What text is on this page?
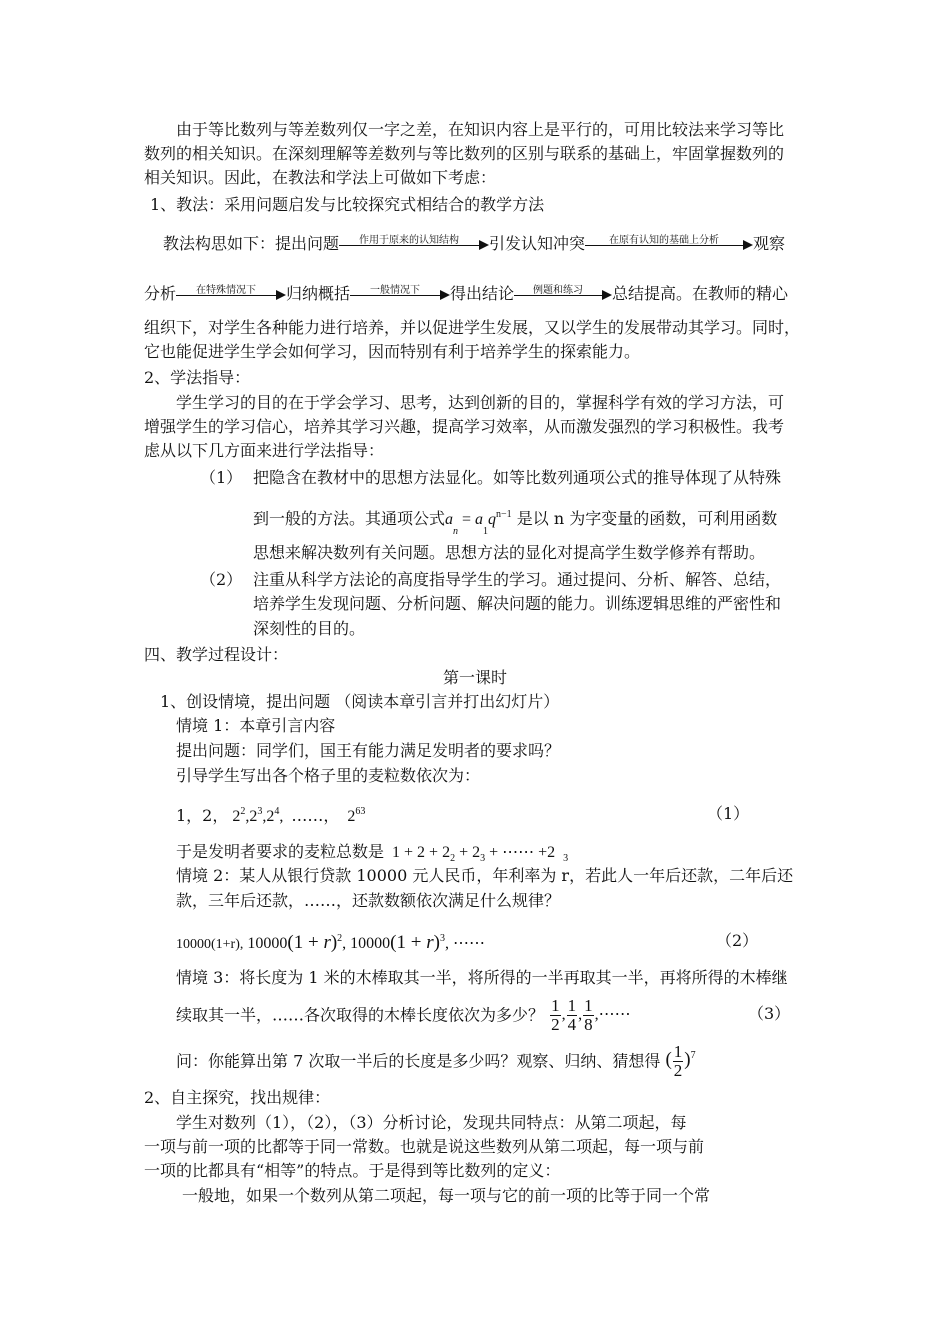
由于等比数列与等差数列仅一字之差，在知识内容上是平行的，可用比较法来学习等比
数列的相关知识。在深刻理解等差数列与等比数列的区别与联系的基础上，牢固掌握数列的
相关知识。因此，在教法和学法上可做如下考虑：
1、教法：采用问题启发与比较探究式相结合的教学方法
教法构思如下：提出问题	作用于原来的认知结构	引发认知冲突	在原有认知的基础上分析	观察
分析	在特殊情况下	归纳概括	一般情况下	得出结论	例题和练习	总结提高。在教师的精心
组织下，对学生各种能力进行培养，并以促进学生发展，又以学生的发展带动其学习。同时，
它也能促进学生学会如何学习，因而特别有利于培养学生的探索能力。
2、学法指导：
学生学习的目的在于学会学习、思考，达到创新的目的，掌握科学有效的学习方法，可
增强学生的学习信心，培养其学习兴趣，提高学习效率，从而激发强烈的学习积极性。我考
虑从以下几方面来进行学法指导：
（1） 把隐含在教材中的思想方法显化。如等比数列通项公式的推导体现了从特殊
到一般的方法。其通项公式$a_n = a_1q^{n-1}$ 是以 n 为字变量的函数，可利用函数
思想来解决数列有关问题。思想方法的显化对提高学生数学修养有帮助。
（2） 注重从科学方法论的高度指导学生的学习。通过提问、分析、解答、总结，
培养学生发现问题、分析问题、解决问题的能力。训练逻辑思维的严密性和
深刻性的目的。
四、教学过程设计：
第一课时
1、创设情境，提出问题 （阅读本章引言并打出幻灯片）
情境 1：本章引言内容
提出问题：同学们，国王有能力满足发明者的要求吗？
引导学生写出各个格子里的麦粒数依次为：
1，2， $2^2,2^3,2^4$,  ……，  $2^{63}$	（1）
于是发明者要求的麦粒总数是  $1 + 2 + 2_2 + 2_3$ + ⋯⋯ +2  $_3$
情境 2：某人从银行贷款 10000 元人民币，年利率为 r，若此人一年后还款，二年后还
款，三年后还款，……，还款数额依次满足什么规律？
10000(1+r), $10000(1 + r)^2$, $10000(1 + r)^3$, ⋯⋯	（2）
情境 3：将长度为 1 米的木棒取其一半，将所得的一半再取其一半，再将所得的木棒继
续取其一半，……各次取得的木棒长度依次为多少？ $\frac{1}{2}$ , $\frac{1}{4}$ , $\frac{1}{8}$ ,⋯⋯	（3）
问：你能算出第 7 次取一半后的长度是多少吗？观察、归纳、猜想得 ( $\frac{1}{2} )^7$
2、自主探究，找出规律：
学生对数列（1），（2），（3）分析讨论，发现共同特点：从第二项起，每
一项与前一项的比都等于同一常数。也就是说这些数列从第二项起，每一项与前
一项的比都具有“相等”的特点。于是得到等比数列的定义：
一般地，如果一个数列从第二项起，每一项与它的前一项的比等于同一个常
